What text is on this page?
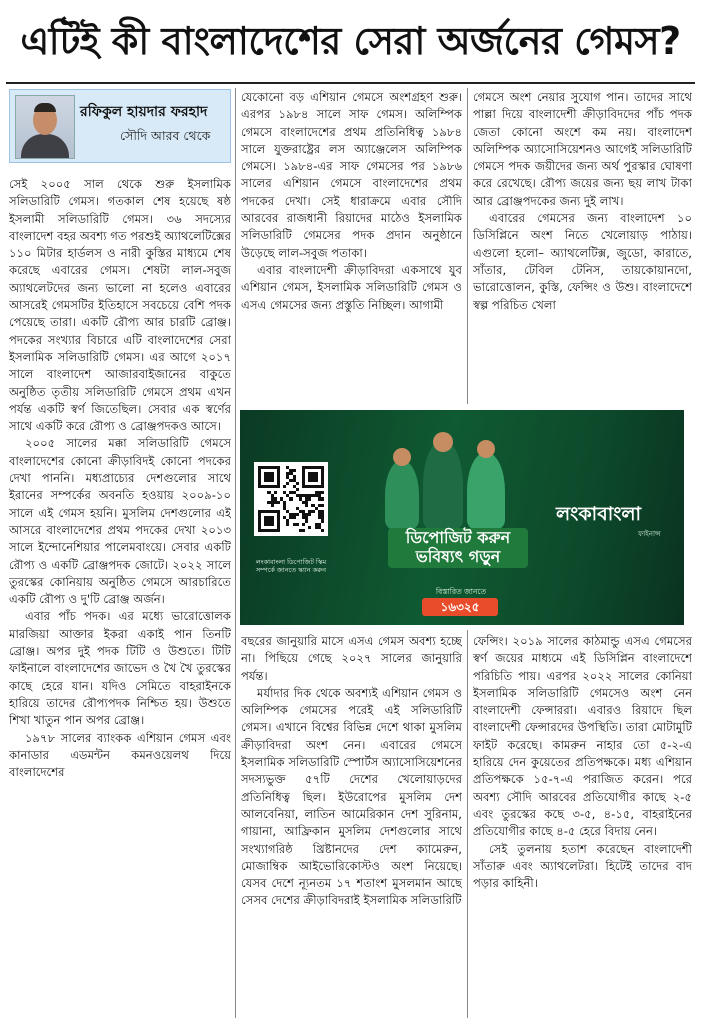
এটিই কী বাংলাদেশের সেরা অর্জনের গেমস?
রফিকুল হায়দার ফরহাদ
সৌদি আরব থেকে

সেই ২০০৫ সাল থেকে শুরু ইসলামিক সলিডারিটি গেমস। গতকাল শেষ হয়েছে ষষ্ঠ ইসলামী সলিডারিটি গেমস। ৩৬ সদস্যের বাংলাদেশ বহর অবশ্য গত পরশুই অ্যাথলেটিক্সের ১১০ মিটার হার্ডলস ও নারী কুস্তির মাধ্যমে শেষ করেছে এবারের গেমস। শেষটা লাল-সবুজ অ্যাথলেটদের জন্য ভালো না হলেও এবারের আসরেই গেমসটির ইতিহাসে সবচেয়ে বেশি পদক পেয়েছে তারা। একটি রৌপ্য আর চারটি ব্রোঞ্জ। পদকের সংখ্যার বিচারে এটি বাংলাদেশের সেরা ইসলামিক সলিডারিটি গেমস। এর আগে ২০১৭ সালে বাংলাদেশ আজারবাইজানের বাকুতে অনুষ্ঠিত তৃতীয় সলিডারিটি গেমসে প্রথম এখন পর্যন্ত একটি স্বর্ণ জিতেছিল। সেবার এক স্বর্ণের সাথে একটি করে রৌপ্য ও ব্রোঞ্জপদকও আসে।

২০০৫ সালের মক্কা সলিডারিটি গেমসে বাংলাদেশের কোনো ক্রীড়াবিদই কোনো পদকের দেখা পাননি। মধ্যপ্রাচ্যের দেশগুলোর সাথে ইরানের সম্পর্কের অবনতি হওয়ায় ২০০৯-১০ সালে এই গেমস হয়নি। মুসলিম দেশগুলোর এই আসরে বাংলাদেশের প্রথম পদকের দেখা ২০১৩ সালে ইন্দোনেশিয়ার পালেমবাংয়ে। সেবার একটি রৌপ্য ও একটি ব্রোঞ্জপদক জোটে। ২০২২ সালে তুরস্কের কোনিয়ায় অনুষ্ঠিত গেমসে আরচারিতে একটি রৌপ্য ও দু'টি ব্রোঞ্জ অর্জন।

এবার পাঁচ পদক। এর মধ্যে ভারোত্তোলক মারজিয়া আক্তার ইকরা একাই পান তিনটি ব্রোঞ্জ। অপর দুই পদক টিটি ও উশুতে। টিটি ফাইনালে বাংলাদেশের জাভেদ ও খৈ খৈ তুরস্কের কাছে হেরে যান। যদিও সেমিতে বাহরাইনকে হারিয়ে তাদের রৌপ্যপদক নিশ্চিত হয়। উশুতে শিখা খাতুন পান অপর ব্রোঞ্জ।

১৯৭৮ সালের ব্যাংকক এশিয়ান গেমস এবং কানাডার এডমন্টন কমনওয়েলথ দিয়ে বাংলাদেশের

যেকোনো বড় এশিয়ান গেমসে অংশগ্রহণ শুরু। এরপর ১৯৮৪ সালে সাফ গেমস। অলিম্পিক গেমসে বাংলাদেশের প্রথম প্রতিনিধিত্ব ১৯৮৪ সালে যুক্তরাষ্ট্রের লস অ্যাঞ্জেলেস অলিম্পিক গেমসে। ১৯৮৪-এর সাফ গেমসের পর ১৯৮৬ সালের এশিয়ান গেমসে বাংলাদেশের প্রথম পদকের দেখা। সেই ধারাক্রমে এবার সৌদি আরবের রাজধানী রিয়াদের মাঠেও ইসলামিক সলিডারিটি গেমসের পদক প্রদান অনুষ্ঠানে উড়েছে লাল-সবুজ পতাকা।

এবার বাংলাদেশী ক্রীড়াবিদরা একসাথে যুব এশিয়ান গেমস, ইসলামিক সলিডারিটি গেমস ও এসএ গেমসের জন্য প্রস্তুতি নিচ্ছিল। আগামী

গেমসে অংশ নেয়ার সুযোগ পান। তাদের সাথে পাল্লা দিয়ে বাংলাদেশী ক্রীড়াবিদদের পাঁচ পদক জেতা কোনো অংশে কম নয়। বাংলাদেশ অলিম্পিক অ্যাসোসিয়েশনও আগেই সলিডারিটি গেমসে পদক জয়ীদের জন্য অর্থ পুরস্কার ঘোষণা করে রেখেছে। রৌপ্য জয়ের জন্য ছয় লাখ টাকা আর ব্রোঞ্জপদকের জন্য দুই লাখ।

এবারের গেমসের জন্য বাংলাদেশ ১০ ডিসিপ্লিনে অংশ নিতে খেলোয়াড় পাঠায়। এগুলো হলো– অ্যাথলেটিক্স, জুডো, কারাতে, সাঁতার, টেবিল টেনিস, তায়কোয়ানদো, ভারোত্তোলন, কুস্তি, ফেন্সিং ও উশু। বাংলাদেশে স্বল্প পরিচিত খেলা

লংকাবাংলা ডিপোজিট স্কিম সম্পর্কে জানতে স্ক্যান করুন
ডিপোজিট করুন
ভবিষ্যৎ গড়ুন
বিস্তারিত জানতে
১৬৩২৫
লংকাবাংলা
ফাইনান্স

বছরের জানুয়ারি মাসে এসএ গেমস অবশ্য হচ্ছে না। পিছিয়ে গেছে ২০২৭ সালের জানুয়ারি পর্যন্ত।

মর্যাদার দিক থেকে অবশ্যই এশিয়ান গেমস ও অলিম্পিক গেমসের পরেই এই সলিডারিটি গেমস। এখানে বিশ্বের বিভিন্ন দেশে থাকা মুসলিম ক্রীড়াবিদরা অংশ নেন। এবারের গেমসে ইসলামিক সলিডারিটি স্পোর্টস অ্যাসোসিয়েশনের সদস্যভুক্ত ৫৭টি দেশের খেলোয়াড়দের প্রতিনিধিত্ব ছিল। ইউরোপের মুসলিম দেশ আলবেনিয়া, লাতিন আমেরিকান দেশ সুরিনাম, গায়ানা, আফ্রিকান মুসলিম দেশগুলোর সাথে সংখ্যাগরিষ্ঠ খ্রিষ্টানদের দেশ ক্যামেরুন, মোজাম্বিক আইভোরিকোস্টও অংশ নিয়েছে। যেসব দেশে ন্যূনতম ১৭ শতাংশ মুসলমান আছে সেসব দেশের ক্রীড়াবিদরাই ইসলামিক সলিডারিটি

ফেন্সিং। ২০১৯ সালের কাঠমান্ডু এসএ গেমসের স্বর্ণ জয়ের মাধ্যমে এই ডিসিপ্লিন বাংলাদেশে পরিচিতি পায়। এরপর ২০২২ সালের কোনিয়া ইসলামিক সলিডারিটি গেমসেও অংশ নেন বাংলাদেশী ফেন্সাররা। এবারও রিয়াদে ছিল বাংলাদেশী ফেন্সারদের উপস্থিতি। তারা মোটামুটি ফাইট করেছে। কামরুন নাহার তো ৫-২-এ হারিয়ে দেন কুয়েতের প্রতিপক্ষকে। মধ্য এশিয়ান প্রতিপক্ষকে ১৫-৭-এ পরাজিত করেন। পরে অবশ্য সৌদি আরবের প্রতিযোগীর কাছে ২-৫ এবং তুরস্কের কছে ৩-৫, ৪-১৫, বাহরাইনের প্রতিযোগীর কাছে ৪-৫ হেরে বিদায় নেন।

সেই তুলনায় হতাশ করেছেন বাংলাদেশী সাঁতারু এবং অ্যাথলেটরা। হিটেই তাদের বাদ পড়ার কাহিনী।
